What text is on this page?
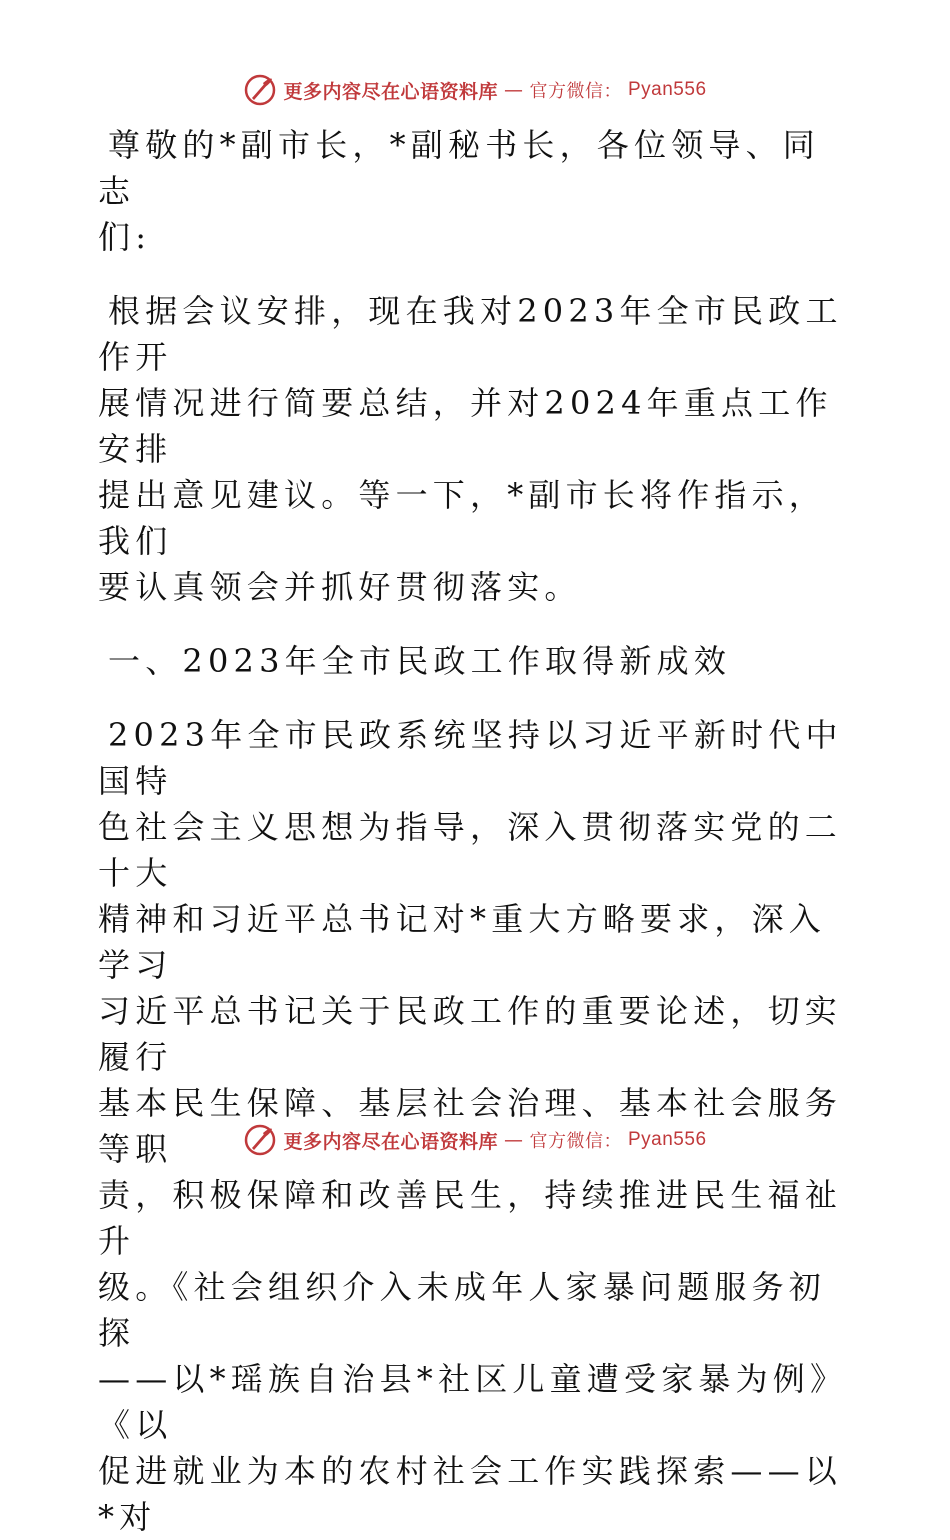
更多内容尽在心语资料库 — 官方微信： Pyan556

尊敬的*副市长，*副秘书长，各位领导、同志
们:

根据会议安排，现在我对2023年全市民政工作开
展情况进行简要总结，并对2024年重点工作安排
提出意见建议。等一下，*副市长将作指示，我们
要认真领会并抓好贯彻落实。

一、2023年全市民政工作取得新成效

2023年全市民政系统坚持以习近平新时代中国特
色社会主义思想为指导，深入贯彻落实党的二十大
精神和习近平总书记对*重大方略要求，深入学习
习近平总书记关于民政工作的重要论述，切实履行
基本民生保障、基层社会治理、基本社会服务等职
责，积极保障和改善民生，持续推进民生福祉升
级。《社会组织介入未成年人家暴问题服务初探
——以*瑶族自治县*社区儿童遭受家暴为例》《以
促进就业为本的农村社会工作实践探索——以*对

更多内容尽在心语资料库 — 官方微信： Pyan556
